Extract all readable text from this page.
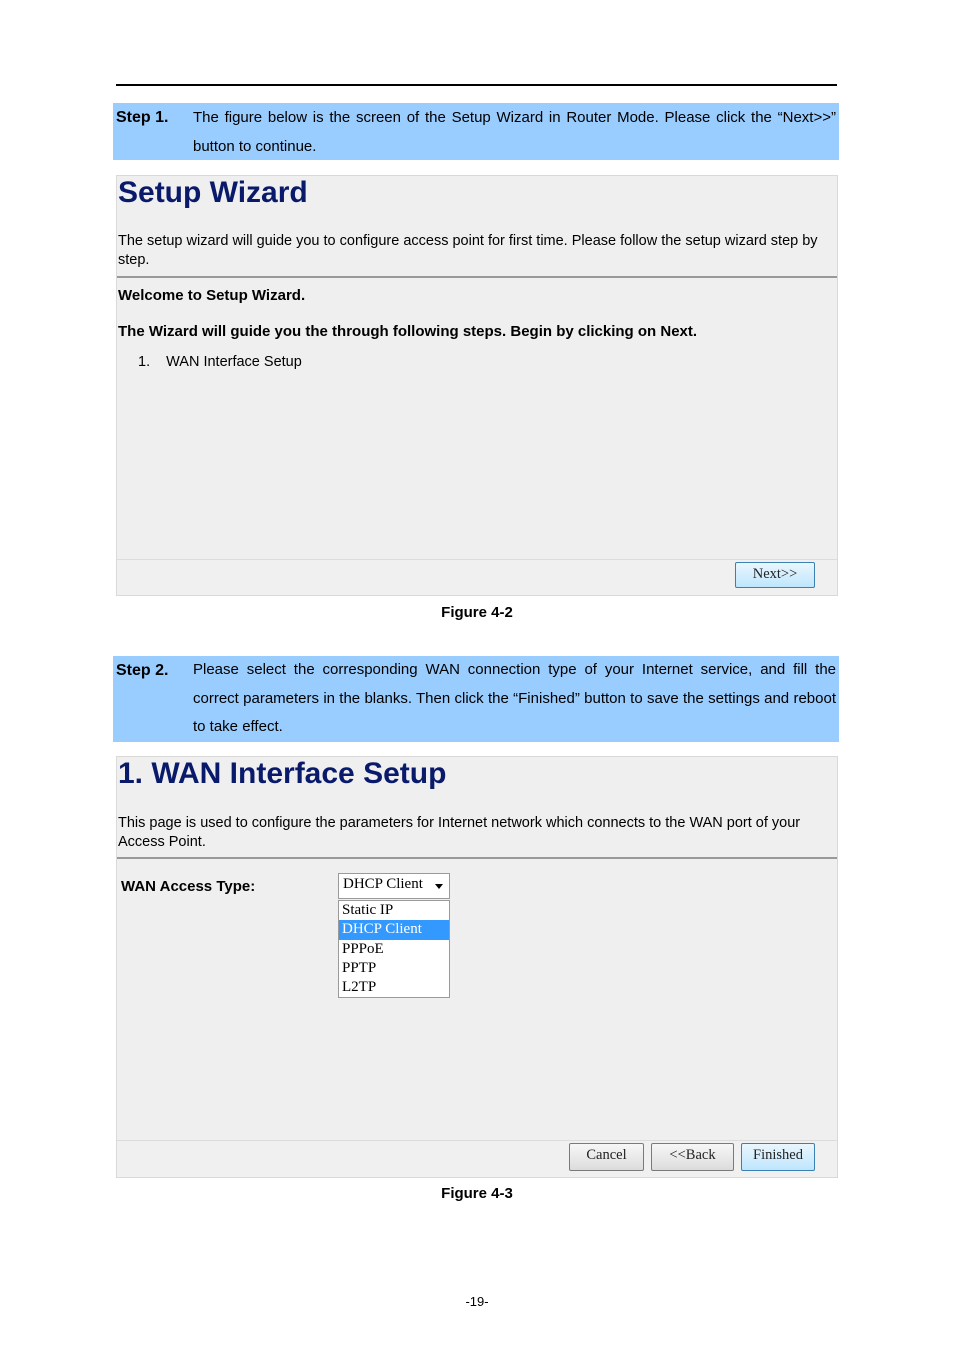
Step 1. The figure below is the screen of the Setup Wizard in Router Mode. Please click the “Next>>” button to continue.
Setup Wizard
The setup wizard will guide you to configure access point for first time. Please follow the setup wizard step by step.
Welcome to Setup Wizard.
The Wizard will guide you the through following steps. Begin by clicking on Next.
1. WAN Interface Setup
Next>>
Figure 4-2
Step 2. Please select the corresponding WAN connection type of your Internet service, and fill the correct parameters in the blanks. Then click the “Finished” button to save the settings and reboot to take effect.
1. WAN Interface Setup
This page is used to configure the parameters for Internet network which connects to the WAN port of your Access Point.
WAN Access Type:	DHCP Client
Static IP
DHCP Client
PPPoE
PPTP
L2TP
Cancel	<<Back	Finished
Figure 4-3
-19-
